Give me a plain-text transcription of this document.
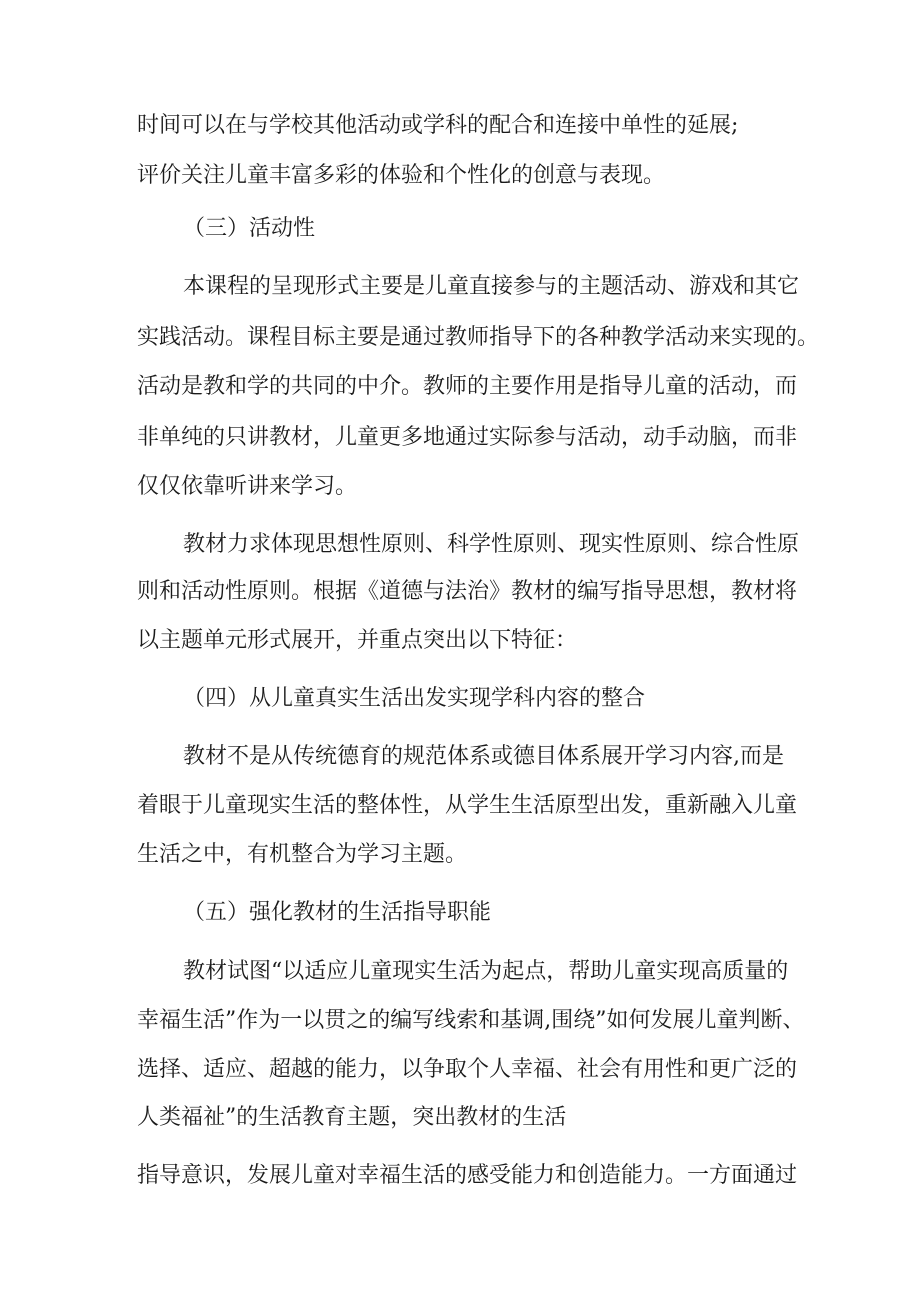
时间可以在与学校其他活动或学科的配合和连接中单性的延展;
评价关注儿童丰富多彩的体验和个性化的创意与表现。
（三）活动性
本课程的呈现形式主要是儿童直接参与的主题活动、游戏和其它
实践活动。课程目标主要是通过教师指导下的各种教学活动来实现的。
活动是教和学的共同的中介。教师的主要作用是指导儿童的活动，而
非单纯的只讲教材，儿童更多地通过实际参与活动，动手动脑，而非
仅仅依靠听讲来学习。
教材力求体现思想性原则、科学性原则、现实性原则、综合性原
则和活动性原则。根据《道德与法治》教材的编写指导思想，教材将
以主题单元形式展开，并重点突出以下特征：
（四）从儿童真实生活出发实现学科内容的整合
教材不是从传统德育的规范体系或德目体系展开学习内容,而是
着眼于儿童现实生活的整体性，从学生生活原型出发，重新融入儿童
生活之中，有机整合为学习主题。
（五）强化教材的生活指导职能
教材试图“以适应儿童现实生活为起点，帮助儿童实现高质量的
幸福生活”作为一以贯之的编写线索和基调,围绕”如何发展儿童判断、
选择、适应、超越的能力，以争取个人幸福、社会有用性和更广泛的
人类福祉”的生活教育主题，突出教材的生活
指导意识，发展儿童对幸福生活的感受能力和创造能力。一方面通过
